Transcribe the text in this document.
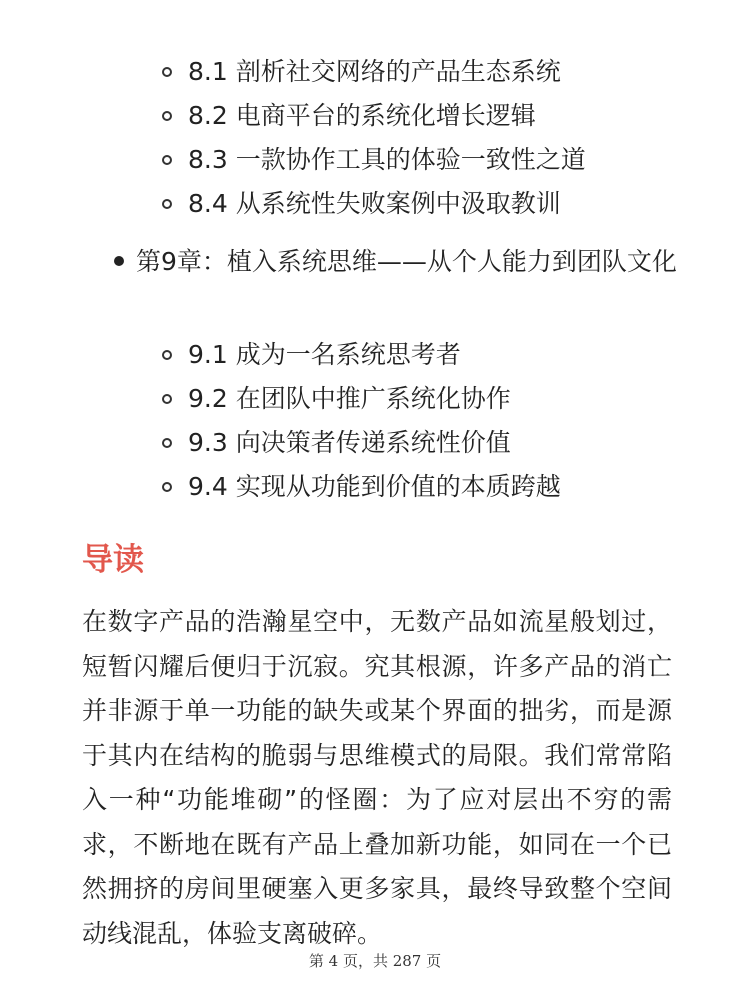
8.1 剖析社交网络的产品生态系统
8.2 电商平台的系统化增长逻辑
8.3 一款协作工具的体验一致性之道
8.4 从系统性失败案例中汲取教训
第9章：植入系统思维——从个人能力到团队文化
9.1 成为一名系统思考者
9.2 在团队中推广系统化协作
9.3 向决策者传递系统性价值
9.4 实现从功能到价值的本质跨越
导读

在数字产品的浩瀚星空中，无数产品如流星般划过，短暂闪耀后便归于沉寂。究其根源，许多产品的消亡并非源于单一功能的缺失或某个界面的拙劣，而是源于其内在结构的脆弱与思维模式的局限。我们常常陷入一种“功能堆砌”的怪圈：为了应对层出不穷的需求，不断地在既有产品上叠加新功能，如同在一个已然拥挤的房间里硬塞入更多家具，最终导致整个空间动线混乱，体验支离破碎。

第 4 页，共 287 页
